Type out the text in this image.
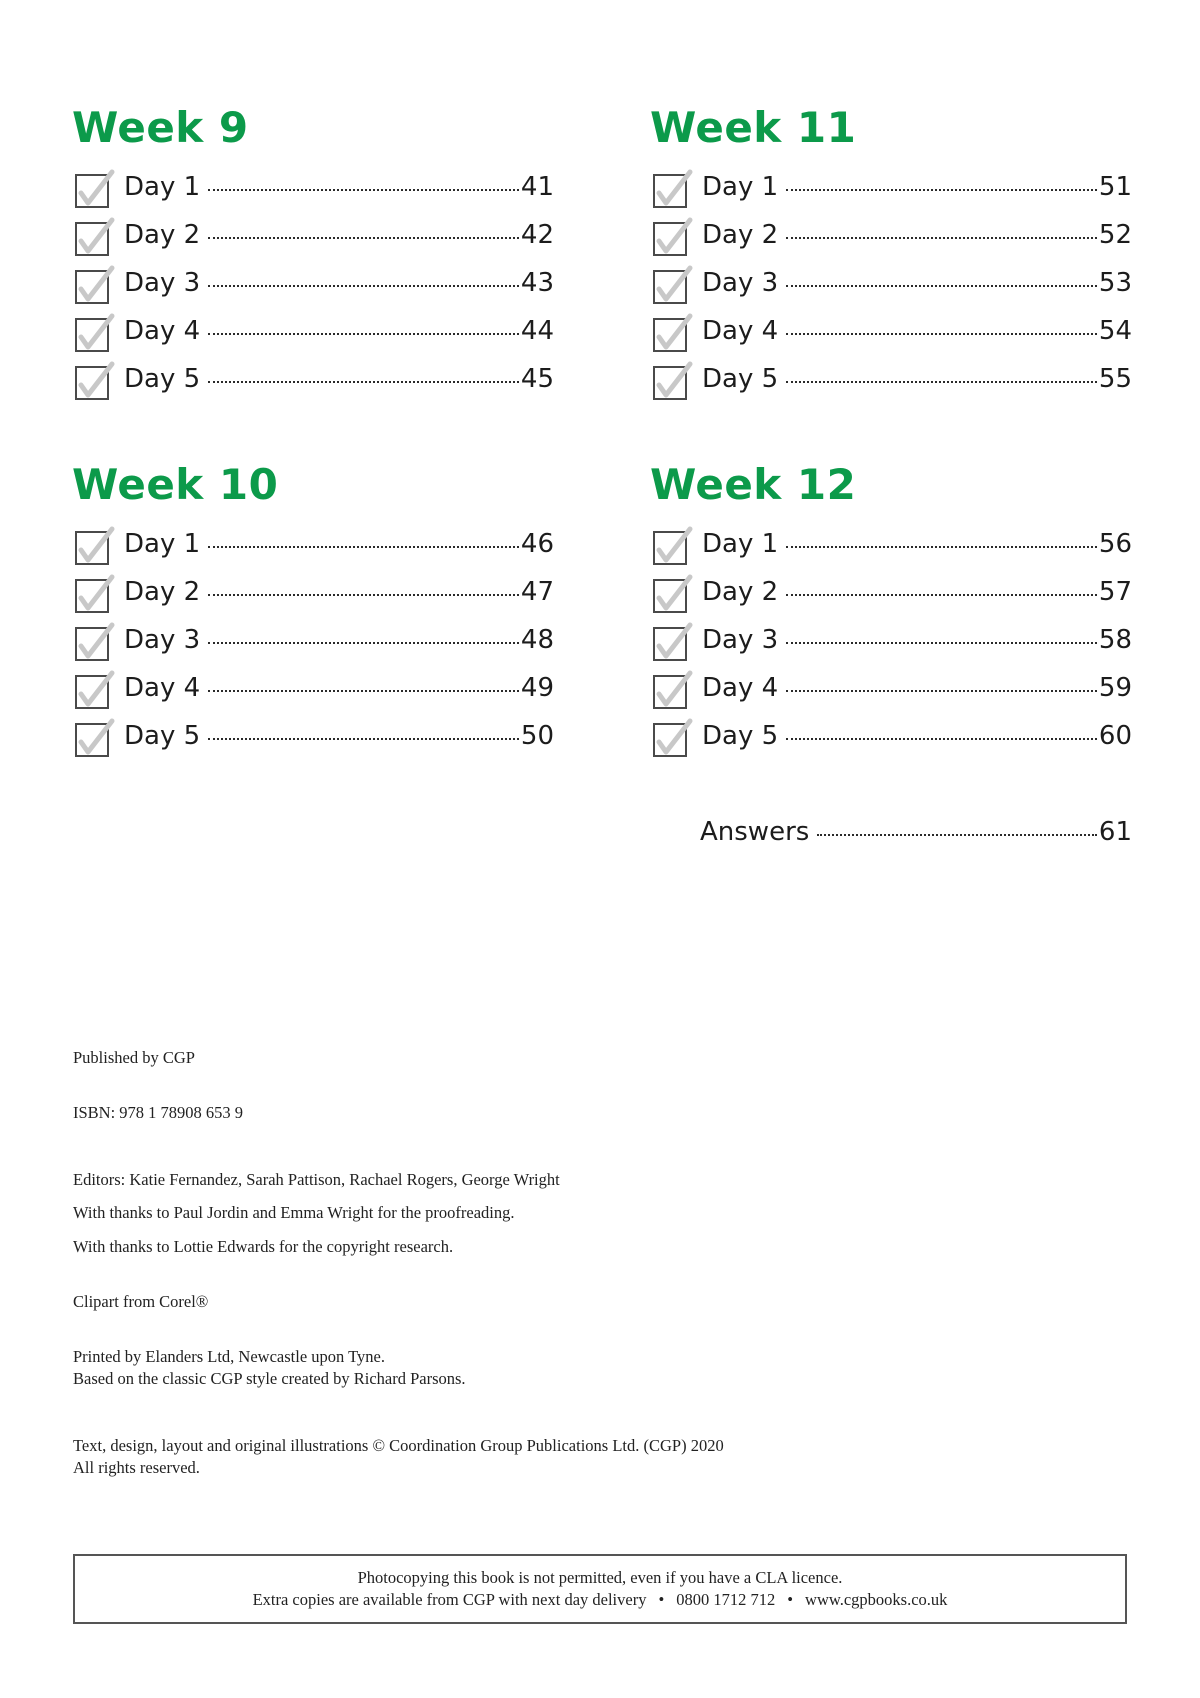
Week 9
Day 1	41
Day 2	42
Day 3	43
Day 4	44
Day 5	45
Week 10
Day 1	46
Day 2	47
Day 3	48
Day 4	49
Day 5	50
Week 11
Day 1	51
Day 2	52
Day 3	53
Day 4	54
Day 5	55
Week 12
Day 1	56
Day 2	57
Day 3	58
Day 4	59
Day 5	60
Answers	61
Published by CGP
ISBN: 978 1 78908 653 9
Editors: Katie Fernandez, Sarah Pattison, Rachael Rogers, George Wright
With thanks to Paul Jordin and Emma Wright for the proofreading.
With thanks to Lottie Edwards for the copyright research.
Clipart from Corel®
Printed by Elanders Ltd, Newcastle upon Tyne.
Based on the classic CGP style created by Richard Parsons.
Text, design, layout and original illustrations © Coordination Group Publications Ltd. (CGP) 2020
All rights reserved.
Photocopying this book is not permitted, even if you have a CLA licence.
Extra copies are available from CGP with next day delivery • 0800 1712 712 • www.cgpbooks.co.uk
